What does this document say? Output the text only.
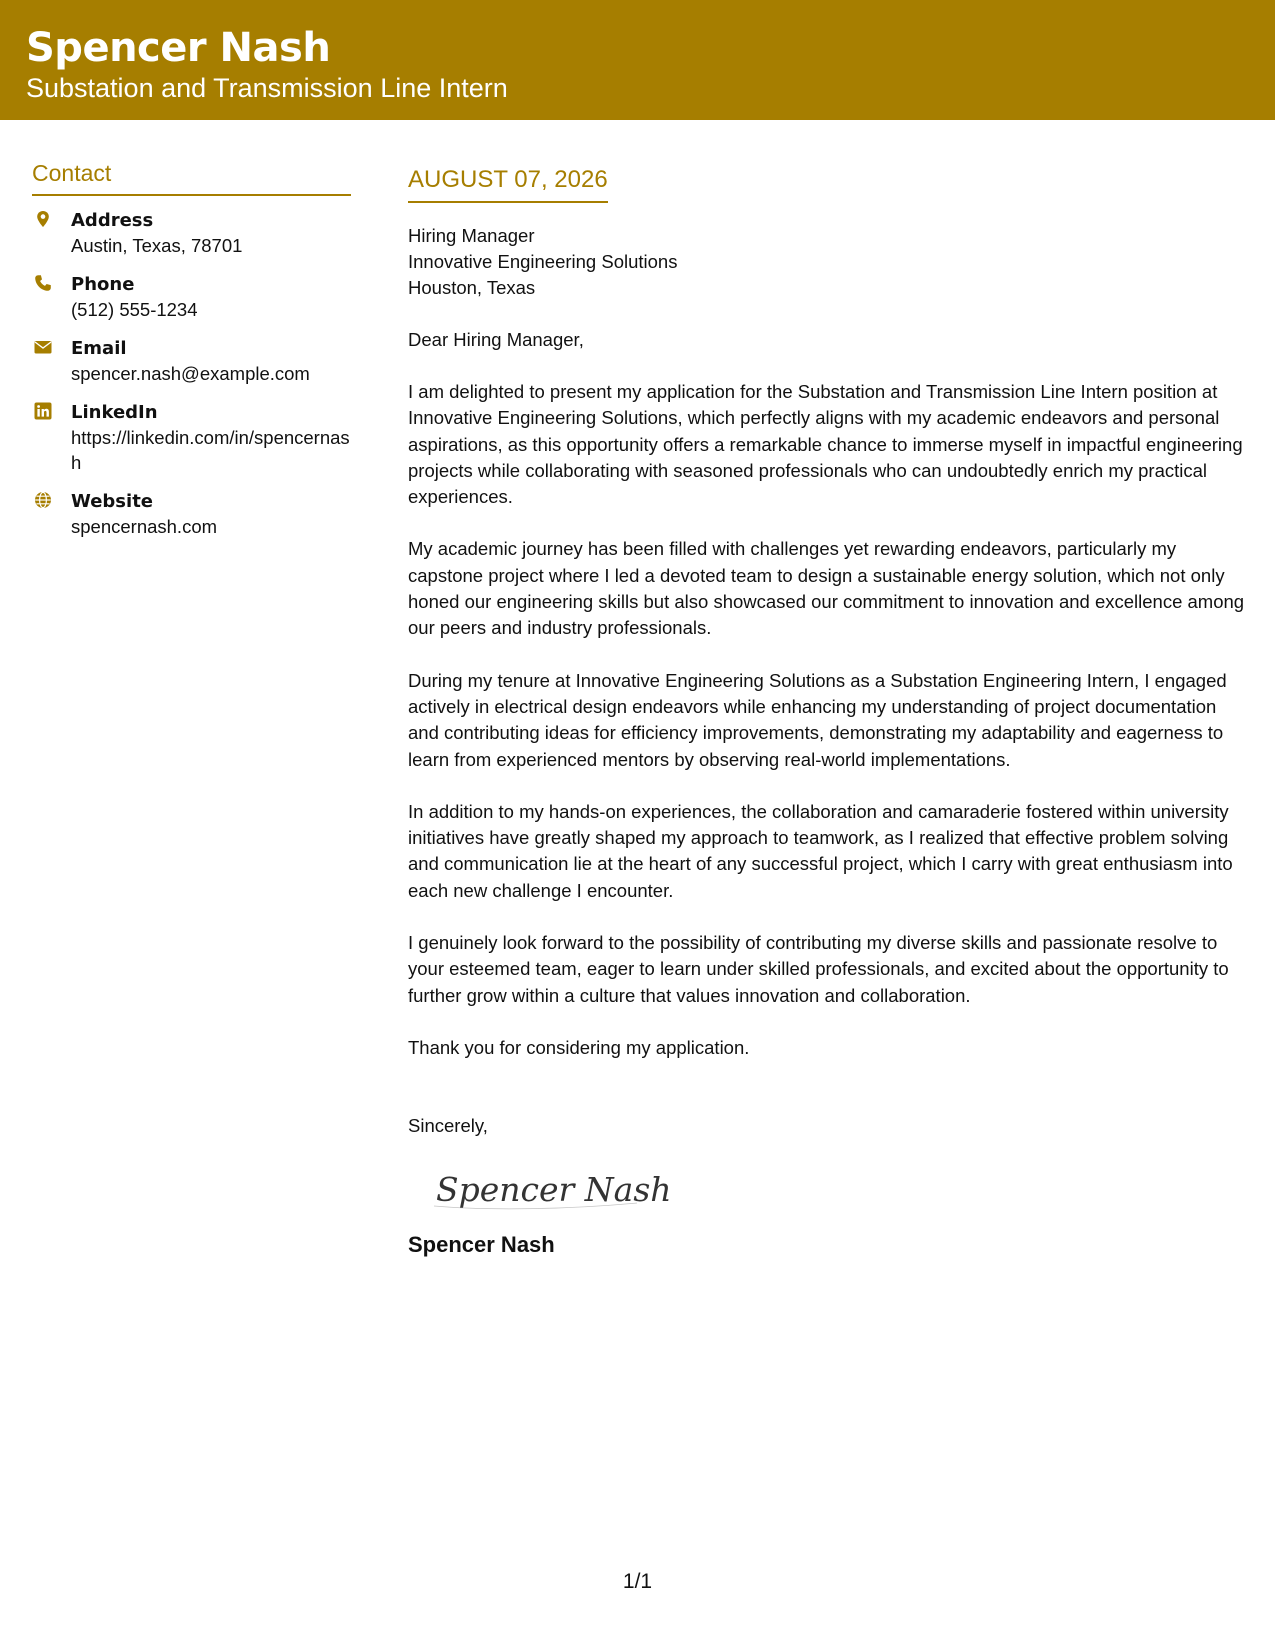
Spencer Nash
Substation and Transmission Line Intern
Contact
Address
Austin, Texas, 78701
Phone
(512) 555-1234
Email
spencer.nash@example.com
LinkedIn
https://linkedin.com/in/spencernash
Website
spencernash.com
AUGUST 07, 2026
Hiring Manager
Innovative Engineering Solutions
Houston, Texas
Dear Hiring Manager,
I am delighted to present my application for the Substation and Transmission Line Intern position at Innovative Engineering Solutions, which perfectly aligns with my academic endeavors and personal aspirations, as this opportunity offers a remarkable chance to immerse myself in impactful engineering projects while collaborating with seasoned professionals who can undoubtedly enrich my practical experiences.
My academic journey has been filled with challenges yet rewarding endeavors, particularly my capstone project where I led a devoted team to design a sustainable energy solution, which not only honed our engineering skills but also showcased our commitment to innovation and excellence among our peers and industry professionals.
During my tenure at Innovative Engineering Solutions as a Substation Engineering Intern, I engaged actively in electrical design endeavors while enhancing my understanding of project documentation and contributing ideas for efficiency improvements, demonstrating my adaptability and eagerness to learn from experienced mentors by observing real-world implementations.
In addition to my hands-on experiences, the collaboration and camaraderie fostered within university initiatives have greatly shaped my approach to teamwork, as I realized that effective problem solving and communication lie at the heart of any successful project, which I carry with great enthusiasm into each new challenge I encounter.
I genuinely look forward to the possibility of contributing my diverse skills and passionate resolve to your esteemed team, eager to learn under skilled professionals, and excited about the opportunity to further grow within a culture that values innovation and collaboration.
Thank you for considering my application.
Sincerely,
Spencer Nash
Spencer Nash
1/1
